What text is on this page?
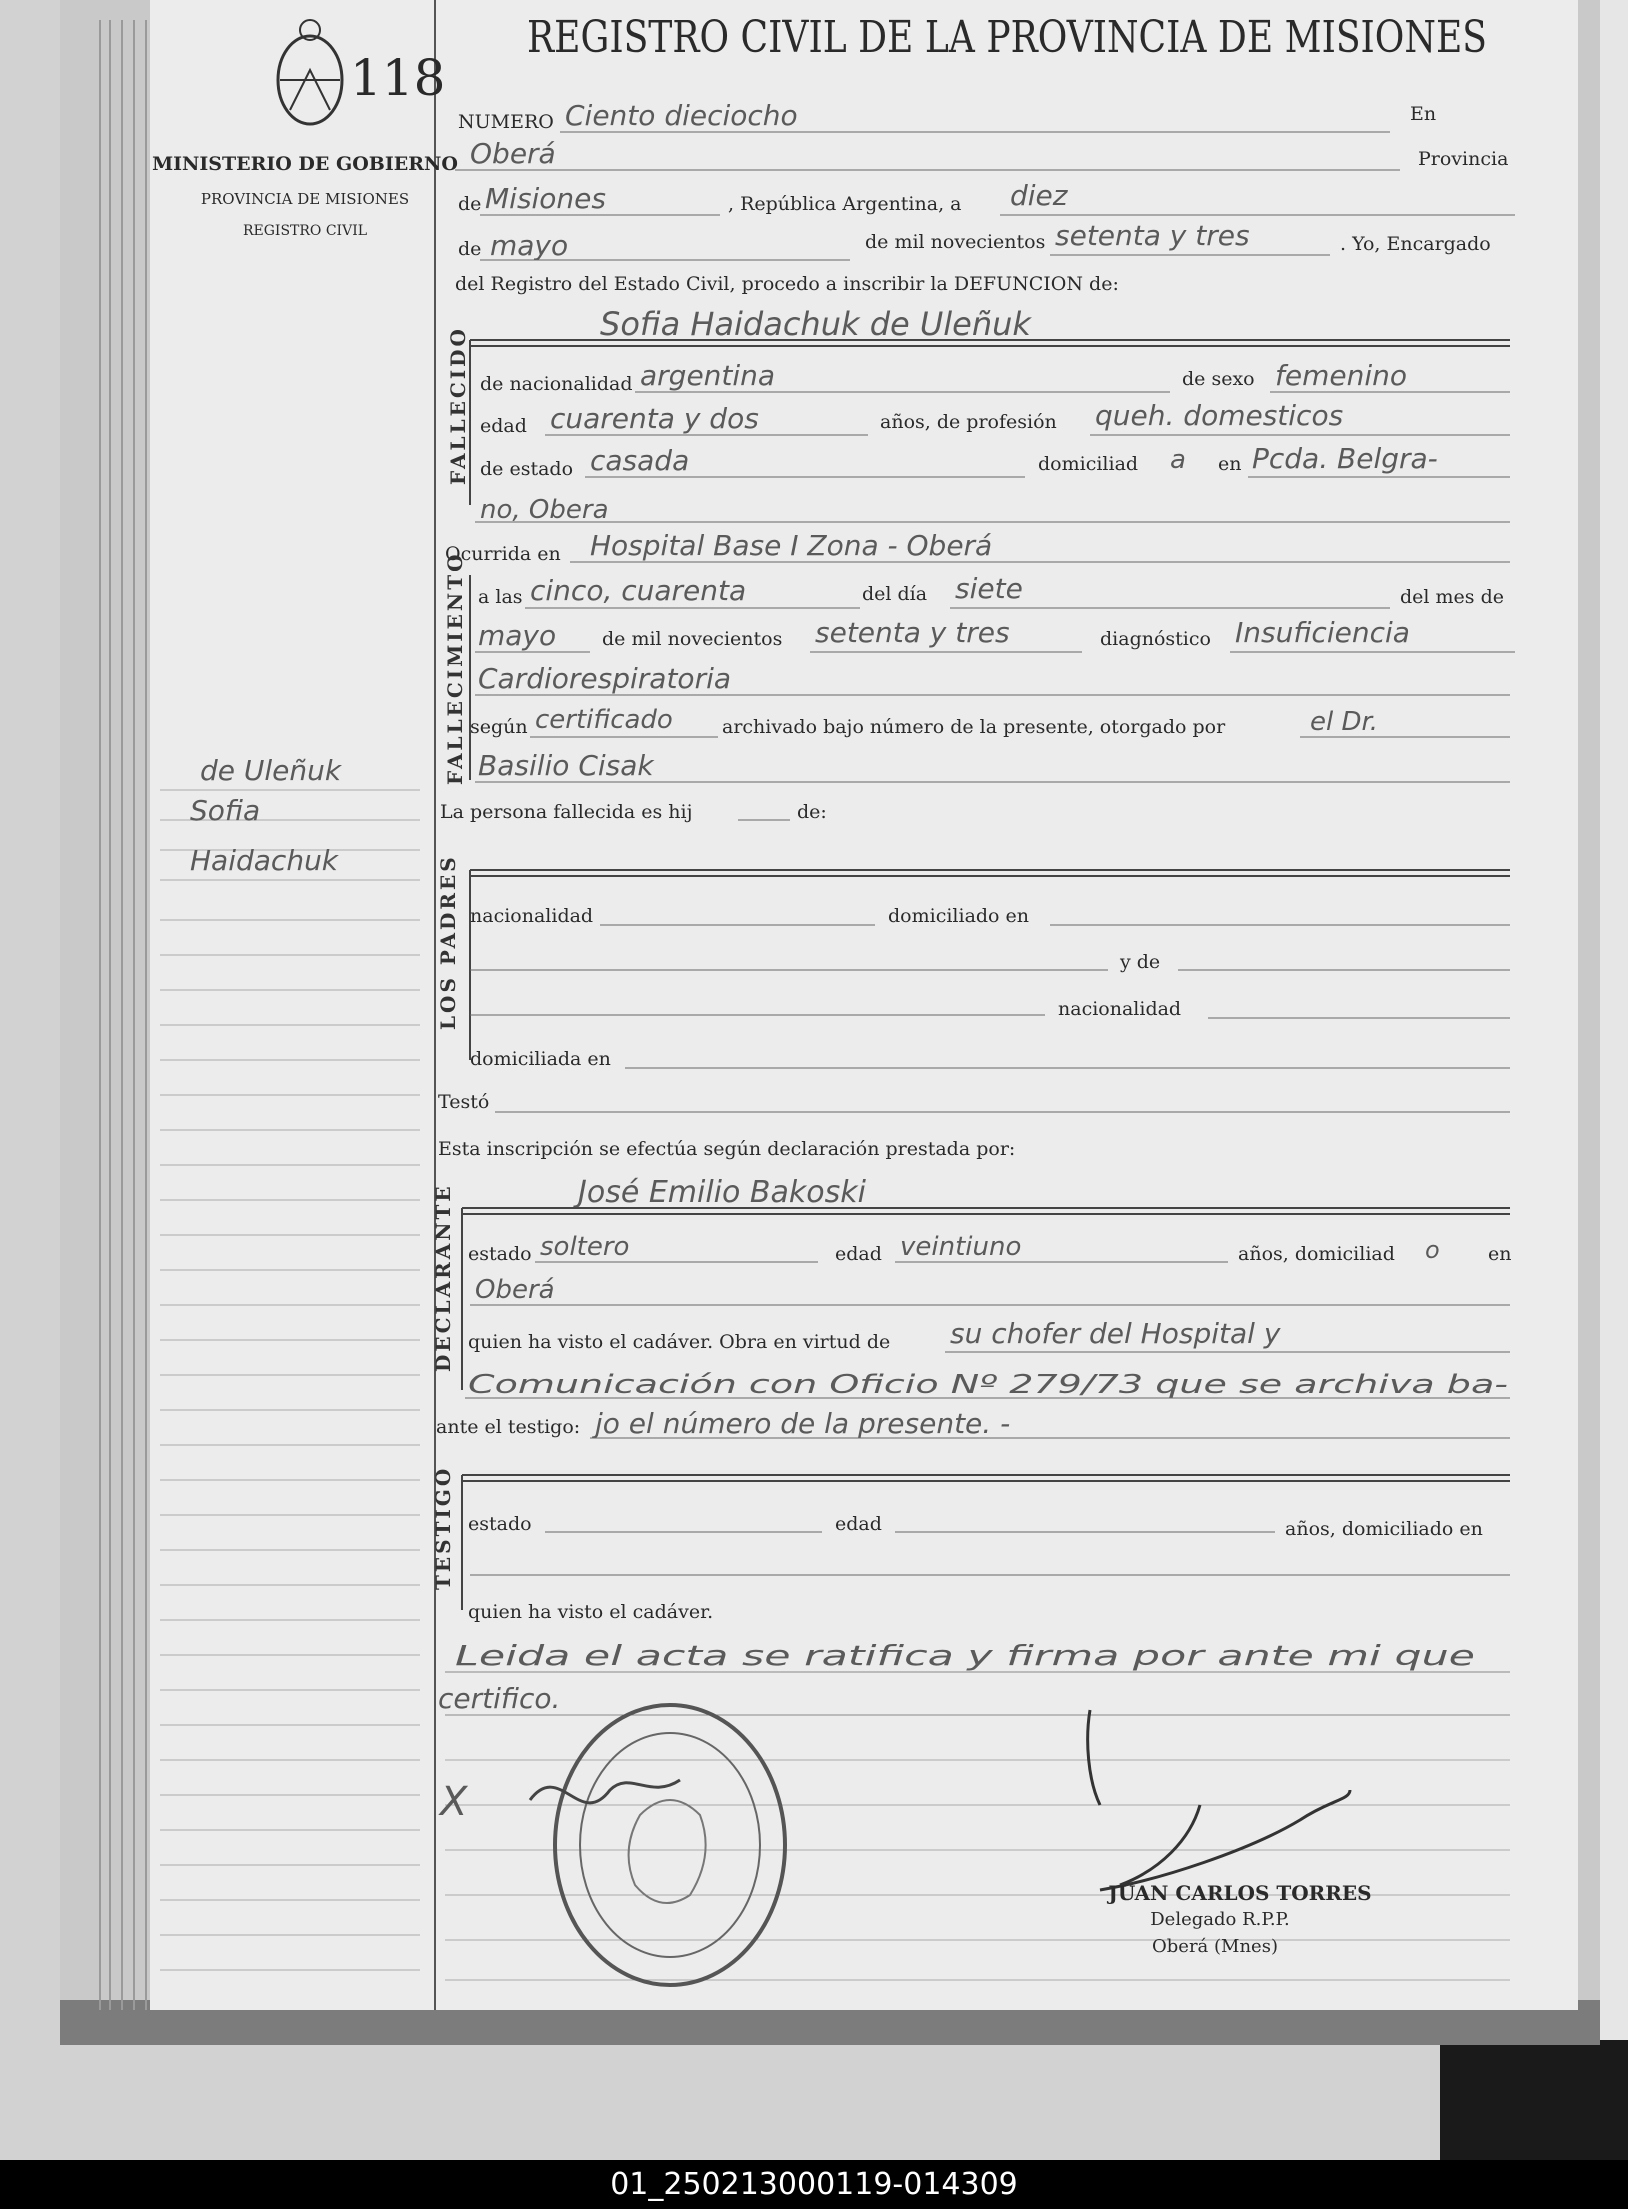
118
MINISTERIO DE GOBIERNO
PROVINCIA DE MISIONES
REGISTRO CIVIL
de Uleñuk
Sofia
Haidachuk
REGISTRO CIVIL DE LA PROVINCIA DE MISIONES
NUMERO Ciento dieciocho	En
Oberá	Provincia
de Misiones	, República Argentina, a diez
de mayo	de mil novecientos setenta y tres	. Yo, Encargado
del Registro del Estado Civil, procedo a inscribir la DEFUNCION de:
Sofia Haidachuk de Uleñuk
FALLECIDO de nacionalidad argentina	de sexo femenino
edad cuarenta y dos	años, de profesión queh. domesticos
de estado casada	domiciliad a en Pcda. Belgra-
no, Obera
Ocurrida en Hospital Base I Zona - Oberá
FALLECIMIENTO a las cinco, cuarenta	del día siete	del mes de
mayo de mil novecientos setenta y tres	diagnóstico Insuficiencia
Cardiorespiratoria
según certificado	archivado bajo número de la presente, otorgado por	el Dr.
Basilio Cisak
La persona fallecida es hij	de:
LOS PADRES nacionalidad	domiciliado en
y de
nacionalidad
domiciliada en
Testó
Esta inscripción se efectúa según declaración prestada por:
José Emilio Bakoski
DECLARANTE estado soltero	edad veintiuno	años, domiciliad o	en
Oberá
quien ha visto el cadáver. Obra en virtud de su chofer del Hospital y
Comunicación con Oficio Nº 279/73 que se archiva ba-
ante el testigo: jo el número de la presente. -
TESTIGO estado	edad	años, domiciliado en
quien ha visto el cadáver.
Leida el acta se ratifica y firma por ante mi que
certifico.
X
JUAN CARLOS TORRES
Delegado R.P.P.
Oberá (Mnes)
01_250213000119-014309
